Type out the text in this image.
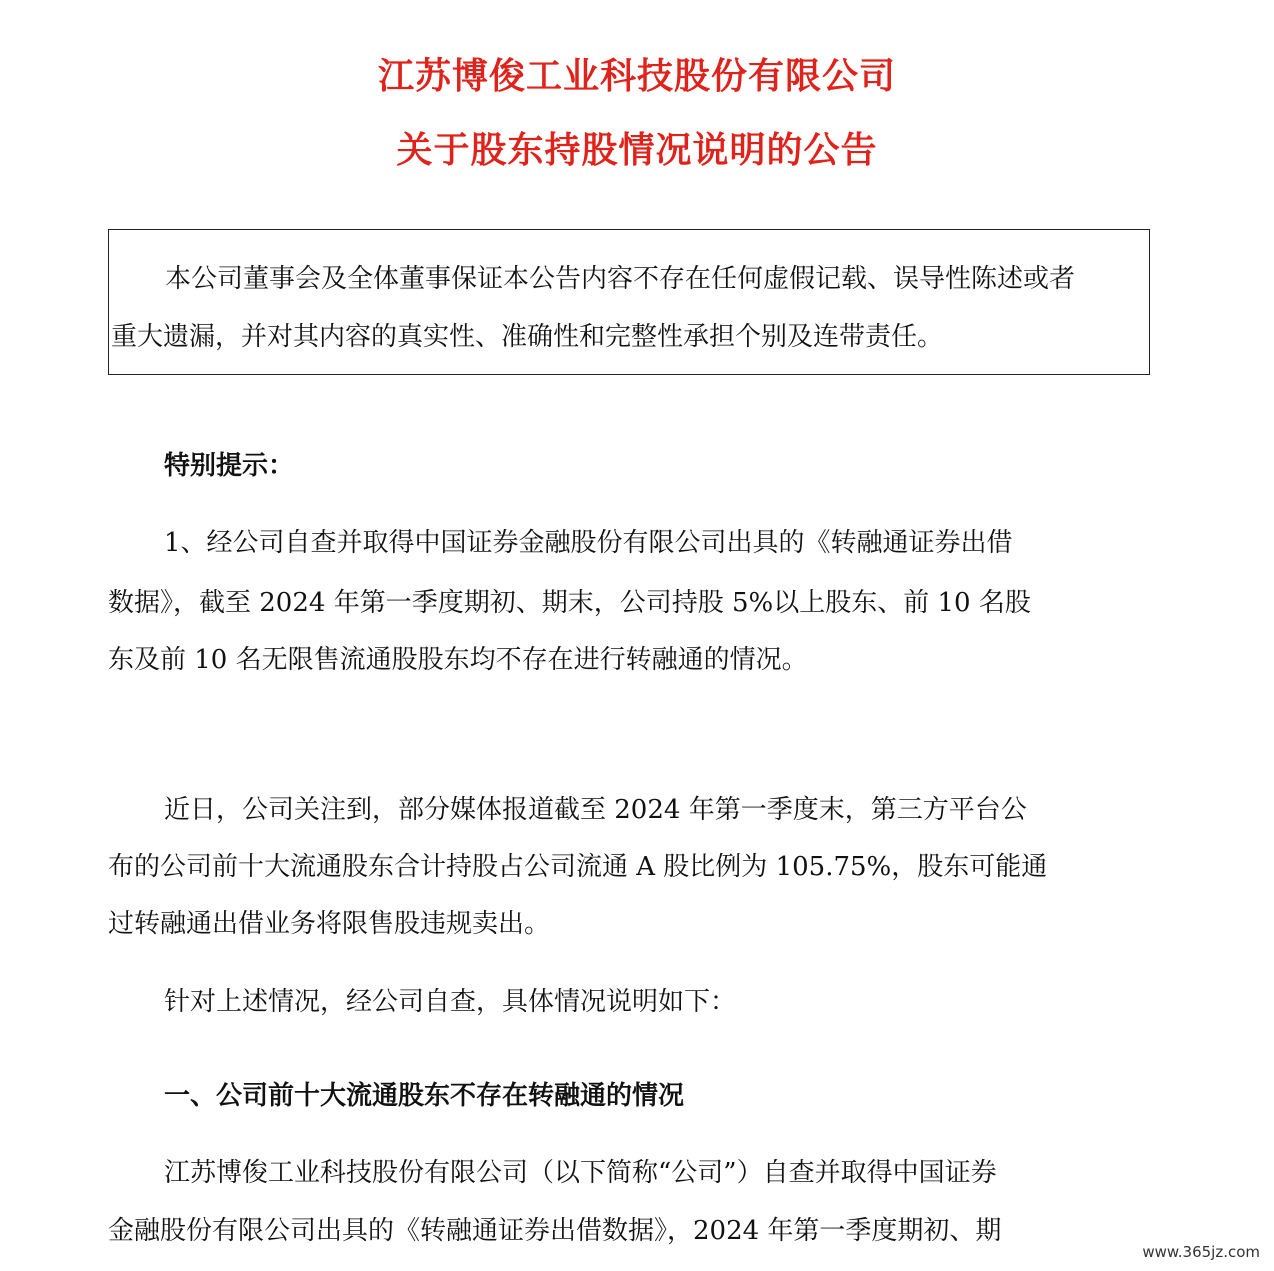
江苏博俊工业科技股份有限公司
关于股东持股情况说明的公告
本公司董事会及全体董事保证本公告内容不存在任何虚假记载、误导性陈述或者
重大遗漏，并对其内容的真实性、准确性和完整性承担个别及连带责任。
特别提示：
1、经公司自查并取得中国证券金融股份有限公司出具的《转融通证券出借
数据》，截至 2024 年第一季度期初、期末，公司持股 5%以上股东、前 10 名股
东及前 10 名无限售流通股股东均不存在进行转融通的情况。
近日，公司关注到，部分媒体报道截至 2024 年第一季度末，第三方平台公
布的公司前十大流通股东合计持股占公司流通 A 股比例为 105.75%，股东可能通
过转融通出借业务将限售股违规卖出。
针对上述情况，经公司自查，具体情况说明如下：
一、公司前十大流通股东不存在转融通的情况
江苏博俊工业科技股份有限公司（以下简称“公司”）自查并取得中国证券
金融股份有限公司出具的《转融通证券出借数据》，2024 年第一季度期初、期
www.365jz.com
